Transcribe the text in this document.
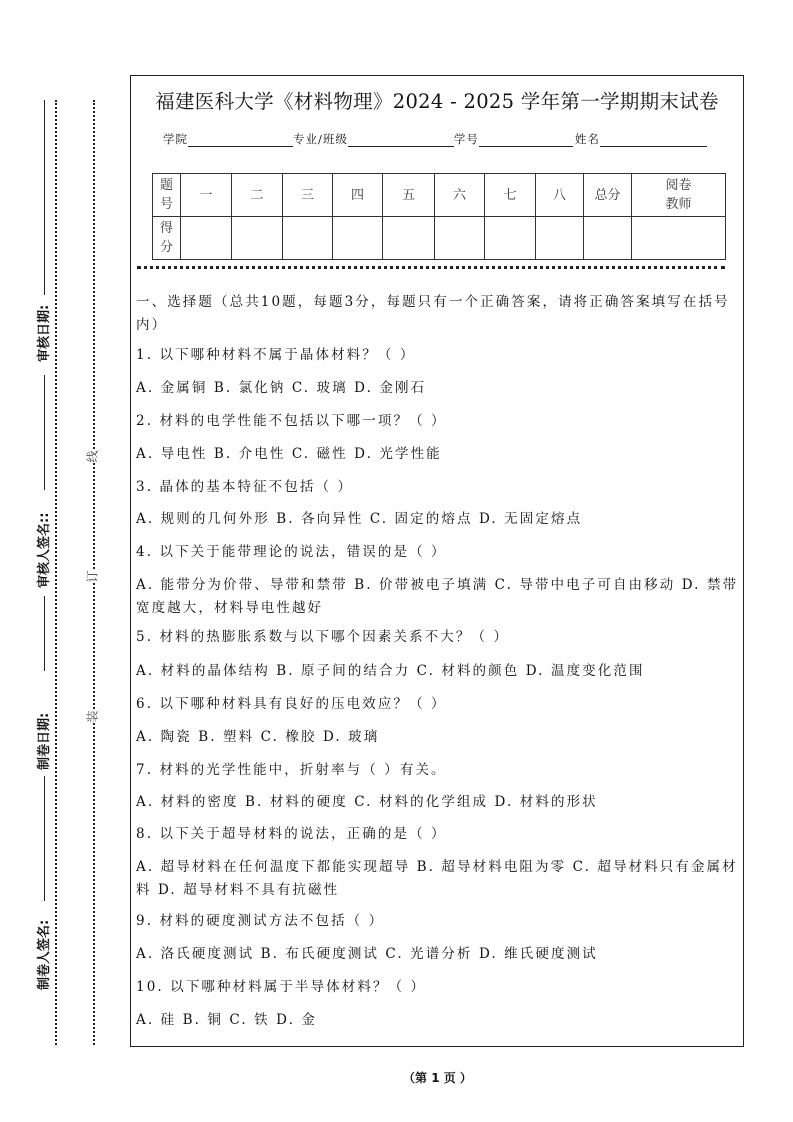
福建医科大学《材料物理》2024 - 2025 学年第一学期期末试卷
学院	专业/班级	学号	姓名
题号	一	二	三	四	五	六	七	八	总分	阅卷教师
得分										
一、选择题（总共10题，每题3分，每题只有一个正确答案，请将正确答案填写在括号内）
1. 以下哪种材料不属于晶体材料？（ ）
A. 金属铜 B. 氯化钠 C. 玻璃 D. 金刚石
2. 材料的电学性能不包括以下哪一项？（ ）
A. 导电性 B. 介电性 C. 磁性 D. 光学性能
3. 晶体的基本特征不包括（ ）
A. 规则的几何外形 B. 各向异性 C. 固定的熔点 D. 无固定熔点
4. 以下关于能带理论的说法，错误的是（ ）
A. 能带分为价带、导带和禁带 B. 价带被电子填满 C. 导带中电子可自由移动 D. 禁带宽度越大，材料导电性越好
5. 材料的热膨胀系数与以下哪个因素关系不大？（ ）
A. 材料的晶体结构 B. 原子间的结合力 C. 材料的颜色 D. 温度变化范围
6. 以下哪种材料具有良好的压电效应？（ ）
A. 陶瓷 B. 塑料 C. 橡胶 D. 玻璃
7. 材料的光学性能中，折射率与（ ）有关。
A. 材料的密度 B. 材料的硬度 C. 材料的化学组成 D. 材料的形状
8. 以下关于超导材料的说法，正确的是（ ）
A. 超导材料在任何温度下都能实现超导 B. 超导材料电阻为零 C. 超导材料只有金属材料 D. 超导材料不具有抗磁性
9. 材料的硬度测试方法不包括（ ）
A. 洛氏硬度测试 B. 布氏硬度测试 C. 光谱分析 D. 维氏硬度测试
10. 以下哪种材料属于半导体材料？（ ）
A. 硅 B. 铜 C. 铁 D. 金
审核日期:
审核人签名::
制卷日期:
制卷人签名:
线
订
装
（第 1 页 ）
